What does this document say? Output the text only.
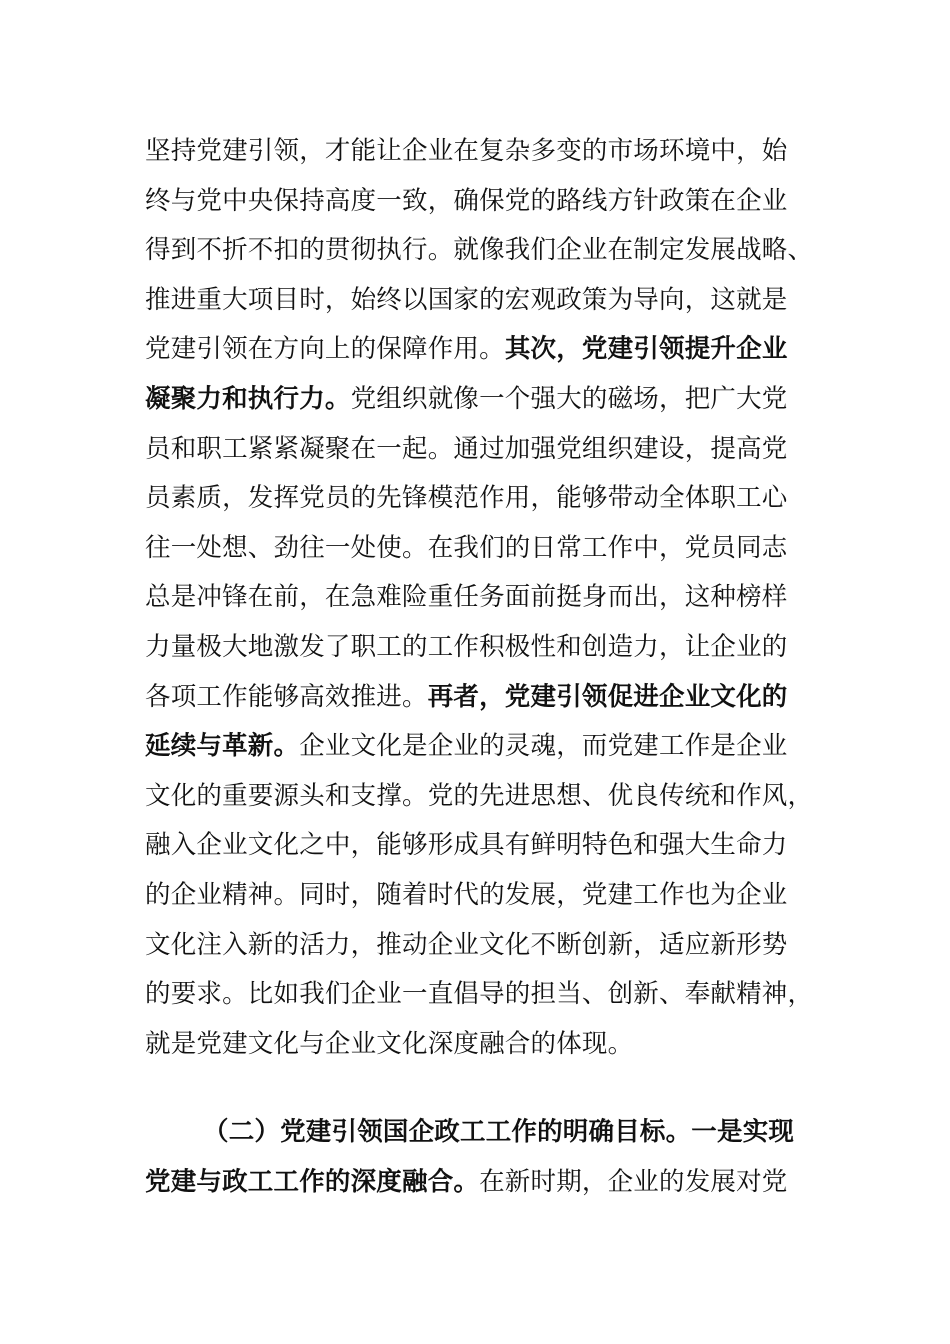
坚持党建引领，才能让企业在复杂多变的市场环境中，始
终与党中央保持高度一致，确保党的路线方针政策在企业
得到不折不扣的贯彻执行。就像我们企业在制定发展战略、
推进重大项目时，始终以国家的宏观政策为导向，这就是
党建引领在方向上的保障作用。其次，党建引领提升企业
凝聚力和执行力。党组织就像一个强大的磁场，把广大党
员和职工紧紧凝聚在一起。通过加强党组织建设，提高党
员素质，发挥党员的先锋模范作用，能够带动全体职工心
往一处想、劲往一处使。在我们的日常工作中，党员同志
总是冲锋在前，在急难险重任务面前挺身而出，这种榜样
力量极大地激发了职工的工作积极性和创造力，让企业的
各项工作能够高效推进。再者，党建引领促进企业文化的
延续与革新。企业文化是企业的灵魂，而党建工作是企业
文化的重要源头和支撑。党的先进思想、优良传统和作风，
融入企业文化之中，能够形成具有鲜明特色和强大生命力
的企业精神。同时，随着时代的发展，党建工作也为企业
文化注入新的活力，推动企业文化不断创新，适应新形势
的要求。比如我们企业一直倡导的担当、创新、奉献精神，
就是党建文化与企业文化深度融合的体现。
（二）党建引领国企政工工作的明确目标。一是实现
党建与政工工作的深度融合。在新时期，企业的发展对党
